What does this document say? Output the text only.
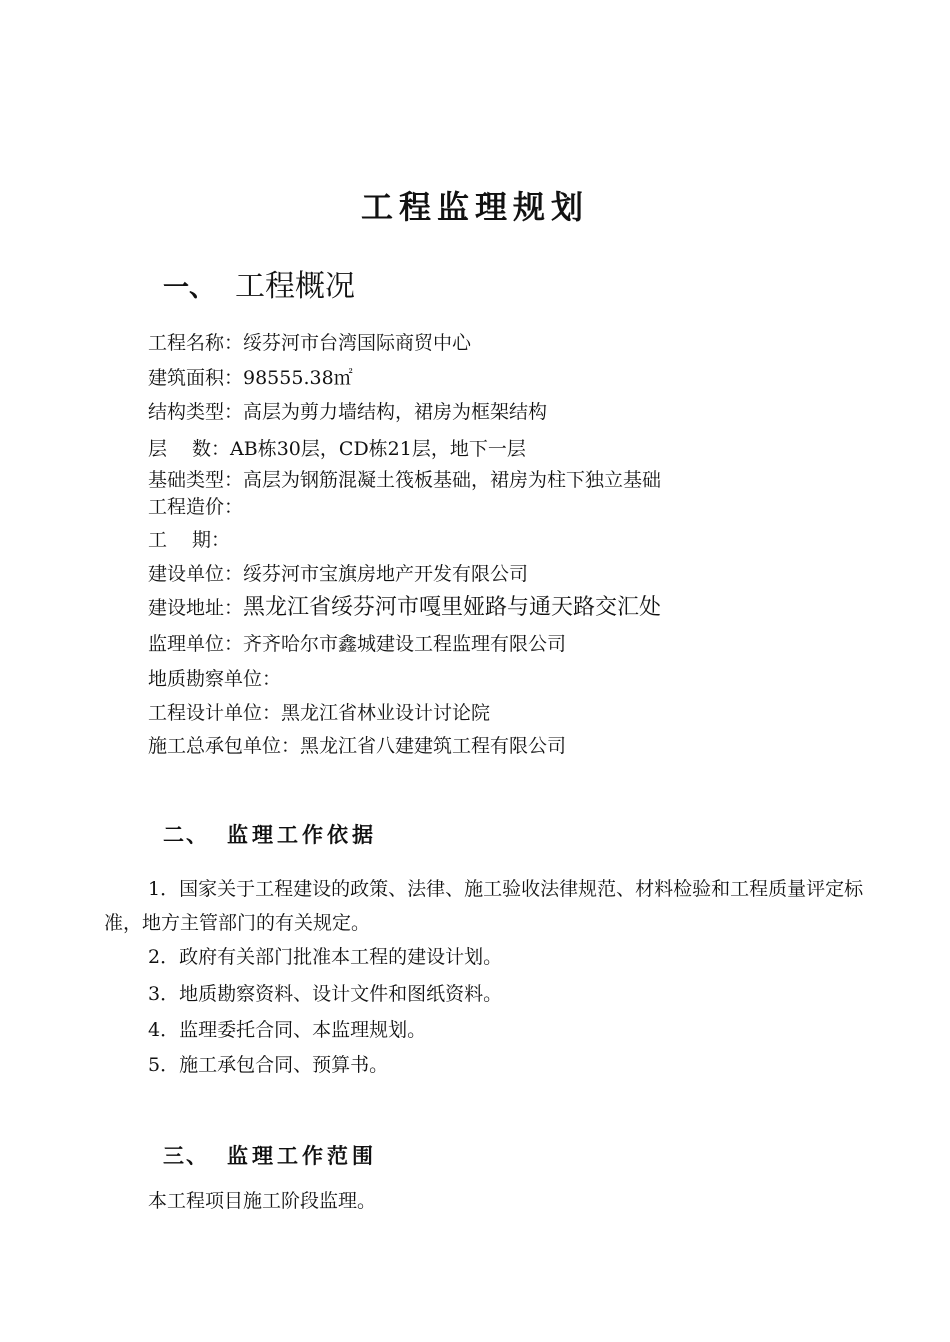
工程监理规划
一、 工程概况
工程名称：绥芬河市台湾国际商贸中心
建筑面积：98555.38㎡
结构类型：高层为剪力墙结构，裙房为框架结构
层　 数：AB栋30层，CD栋21层，地下一层
基础类型：高层为钢筋混凝土筏板基础，裙房为柱下独立基础
工程造价：
工　 期：
建设单位：绥芬河市宝旗房地产开发有限公司
建设地址：黑龙江省绥芬河市嘎里娅路与通天路交汇处
监理单位：齐齐哈尔市鑫城建设工程监理有限公司
地质勘察单位：
工程设计单位：黑龙江省林业设计讨论院
施工总承包单位：黑龙江省八建建筑工程有限公司
二、 监理工作依据
1．国家关于工程建设的政策、法律、施工验收法律规范、材料检验和工程质量评定标准，地方主管部门的有关规定。
2．政府有关部门批准本工程的建设计划。
3．地质勘察资料、设计文件和图纸资料。
4．监理委托合同、本监理规划。
5．施工承包合同、预算书。
三、 监理工作范围
本工程项目施工阶段监理。
